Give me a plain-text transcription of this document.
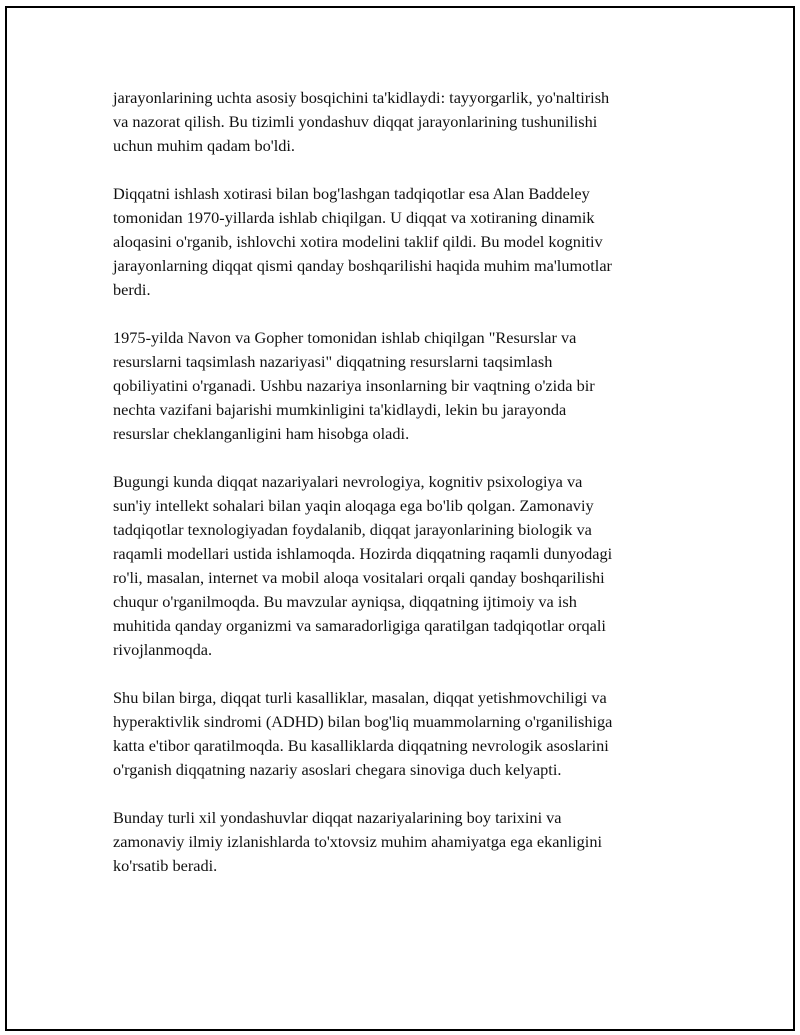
jarayonlarining uchta asosiy bosqichini ta'kidlaydi: tayyorgarlik, yo'naltirish
va nazorat qilish. Bu tizimli yondashuv diqqat jarayonlarining tushunilishi
uchun muhim qadam bo'ldi.

Diqqatni ishlash xotirasi bilan bog'lashgan tadqiqotlar esa Alan Baddeley
tomonidan 1970-yillarda ishlab chiqilgan. U diqqat va xotiraning dinamik
aloqasini o'rganib, ishlovchi xotira modelini taklif qildi. Bu model kognitiv
jarayonlarning diqqat qismi qanday boshqarilishi haqida muhim ma'lumotlar
berdi.

1975-yilda Navon va Gopher tomonidan ishlab chiqilgan "Resurslar va
resurslarni taqsimlash nazariyasi" diqqatning resurslarni taqsimlash
qobiliyatini o'rganadi. Ushbu nazariya insonlarning bir vaqtning o'zida bir
nechta vazifani bajarishi mumkinligini ta'kidlaydi, lekin bu jarayonda
resurslar cheklanganligini ham hisobga oladi.

Bugungi kunda diqqat nazariyalari nevrologiya, kognitiv psixologiya va
sun'iy intellekt sohalari bilan yaqin aloqaga ega bo'lib qolgan. Zamonaviy
tadqiqotlar texnologiyadan foydalanib, diqqat jarayonlarining biologik va
raqamli modellari ustida ishlamoqda. Hozirda diqqatning raqamli dunyodagi
ro'li, masalan, internet va mobil aloqa vositalari orqali qanday boshqarilishi
chuqur o'rganilmoqda. Bu mavzular ayniqsa, diqqatning ijtimoiy va ish
muhitida qanday organizmi va samaradorligiga qaratilgan tadqiqotlar orqali
rivojlanmoqda.

Shu bilan birga, diqqat turli kasalliklar, masalan, diqqat yetishmovchiligi va
hyperaktivlik sindromi (ADHD) bilan bog'liq muammolarning o'rganilishiga
katta e'tibor qaratilmoqda. Bu kasalliklarda diqqatning nevrologik asoslarini
o'rganish diqqatning nazariy asoslari chegara sinoviga duch kelyapti.

Bunday turli xil yondashuvlar diqqat nazariyalarining boy tarixini va
zamonaviy ilmiy izlanishlarda to'xtovsiz muhim ahamiyatga ega ekanligini
ko'rsatib beradi.
